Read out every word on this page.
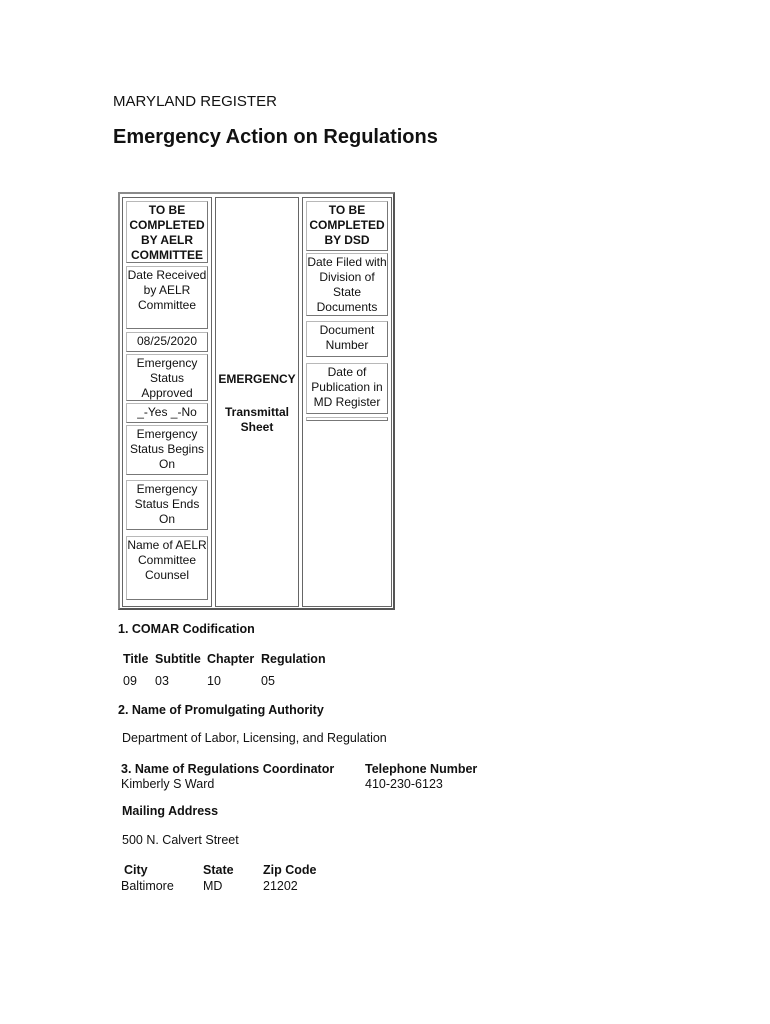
MARYLAND REGISTER
Emergency Action on Regulations
TO BE COMPLETED BY AELR COMMITTEE
Date Received by AELR Committee
08/25/2020
Emergency Status Approved
_-Yes _-No
Emergency Status Begins On
Emergency Status Ends On
Name of AELR Committee Counsel
EMERGENCY
Transmittal Sheet
TO BE COMPLETED BY DSD
Date Filed with Division of State Documents
Document Number
Date of Publication in MD Register
1. COMAR Codification
Title Subtitle Chapter Regulation
09 03	10	05
2. Name of Promulgating Authority
Department of Labor, Licensing, and Regulation
3. Name of Regulations Coordinator
Kimberly S Ward
Telephone Number
410-230-6123
Mailing Address
500 N. Calvert Street
City
Baltimore
State
MD
Zip Code
21202
